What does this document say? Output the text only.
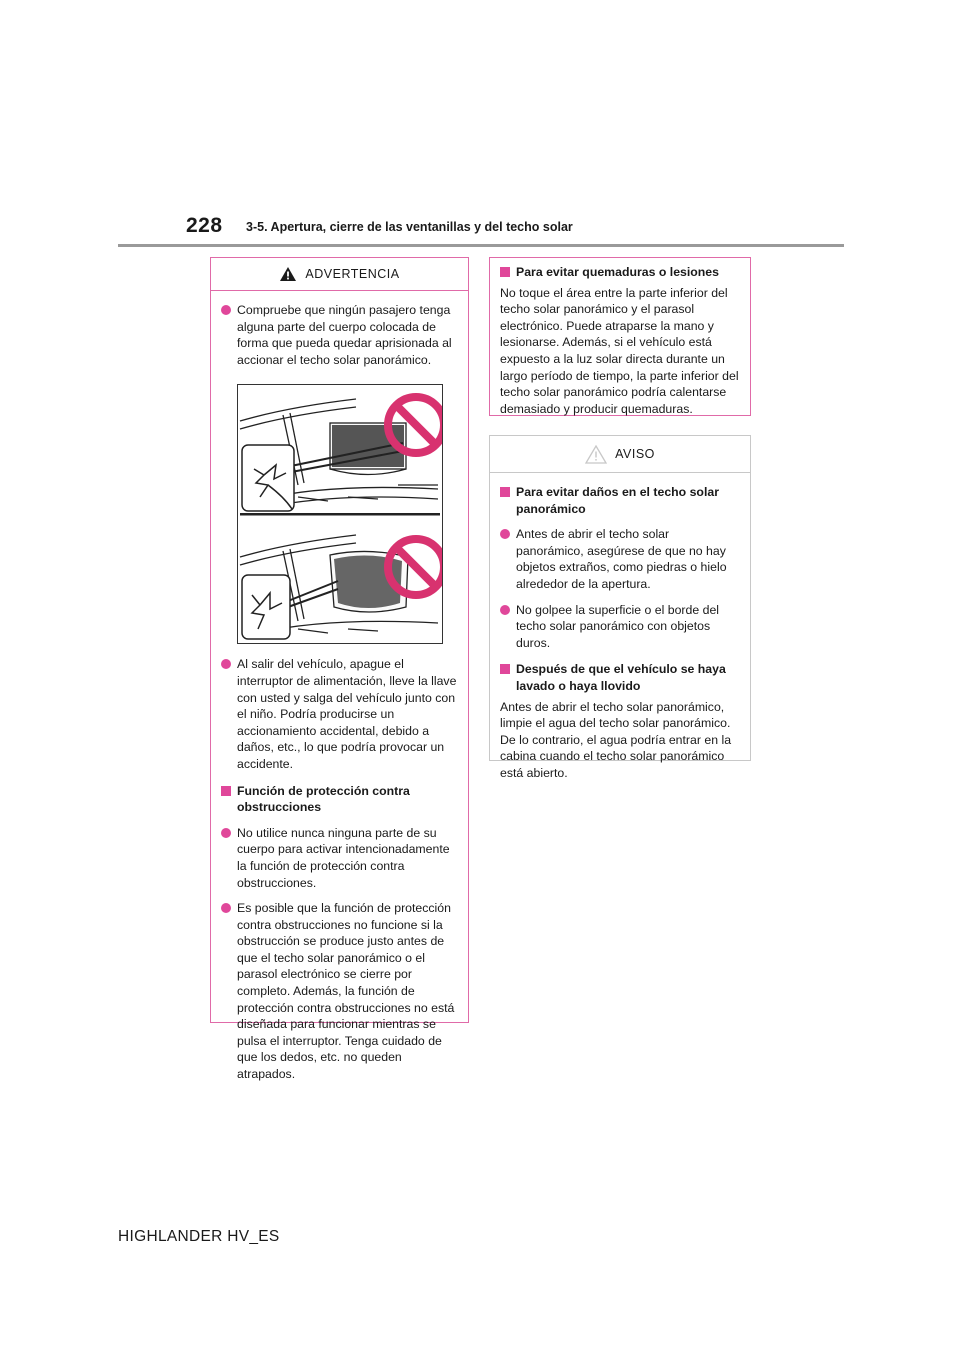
228 3-5. Apertura, cierre de las ventanillas y del techo solar
ADVERTENCIA
Compruebe que ningún pasajero tenga alguna parte del cuerpo colocada de forma que pueda quedar aprisionada al accionar el techo solar panorámico.
Al salir del vehículo, apague el interruptor de alimentación, lleve la llave con usted y salga del vehículo junto con el niño. Podría producirse un accionamiento accidental, debido a daños, etc., lo que podría provocar un accidente.
Función de protección contra obstrucciones
No utilice nunca ninguna parte de su cuerpo para activar intencionadamente la función de protección contra obstrucciones.
Es posible que la función de protección contra obstrucciones no funcione si la obstrucción se produce justo antes de que el techo solar panorámico o el parasol electrónico se cierre por completo. Además, la función de protección contra obstrucciones no está diseñada para funcionar mientras se pulsa el interruptor. Tenga cuidado de que los dedos, etc. no queden atrapados.
Para evitar quemaduras o lesiones
No toque el área entre la parte inferior del techo solar panorámico y el parasol electrónico. Puede atraparse la mano y lesionarse. Además, si el vehículo está expuesto a la luz solar directa durante un largo período de tiempo, la parte inferior del techo solar panorámico podría calentarse demasiado y producir quemaduras.
AVISO
Para evitar daños en el techo solar panorámico
Antes de abrir el techo solar panorámico, asegúrese de que no hay objetos extraños, como piedras o hielo alrededor de la apertura.
No golpee la superficie o el borde del techo solar panorámico con objetos duros.
Después de que el vehículo se haya lavado o haya llovido
Antes de abrir el techo solar panorámico, limpie el agua del techo solar panorámico. De lo contrario, el agua podría entrar en la cabina cuando el techo solar panorámico está abierto.
HIGHLANDER HV_ES
